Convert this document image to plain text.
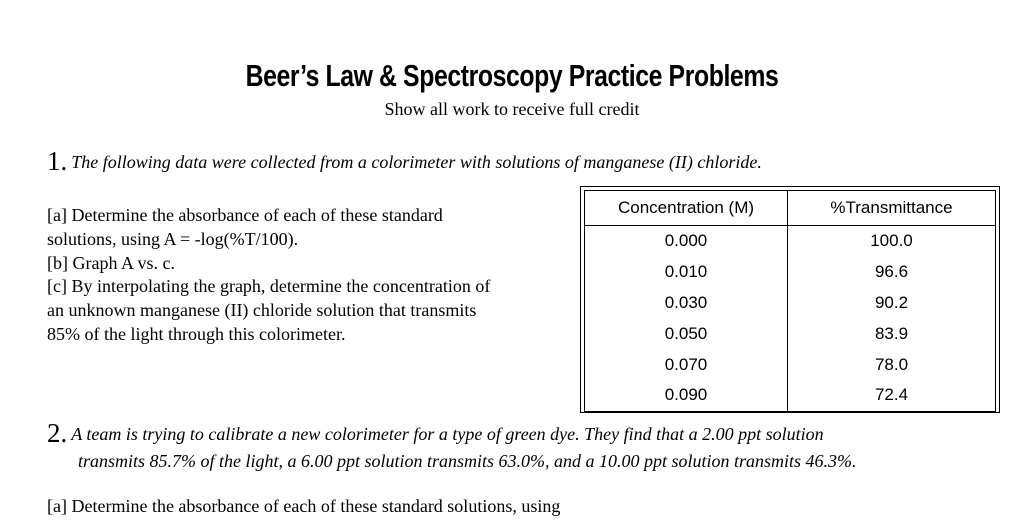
Beer’s Law & Spectroscopy Practice Problems
Show all work to receive full credit
1. The following data were collected from a colorimeter with solutions of manganese (II) chloride.
[a] Determine the absorbance of each of these standard
solutions, using A = -log(%T/100).
[b] Graph A vs. c.
[c] By interpolating the graph, determine the concentration of
an unknown manganese (II) chloride solution that transmits
85% of the light through this colorimeter.
Concentration (M)	%Transmittance
0.000	100.0
0.010	96.6
0.030	90.2
0.050	83.9
0.070	78.0
0.090	72.4
2. A team is trying to calibrate a new colorimeter for a type of green dye. They find that a 2.00 ppt solution
transmits 85.7% of the light, a 6.00 ppt solution transmits 63.0%, and a 10.00 ppt solution transmits 46.3%.
[a] Determine the absorbance of each of these standard solutions, using
